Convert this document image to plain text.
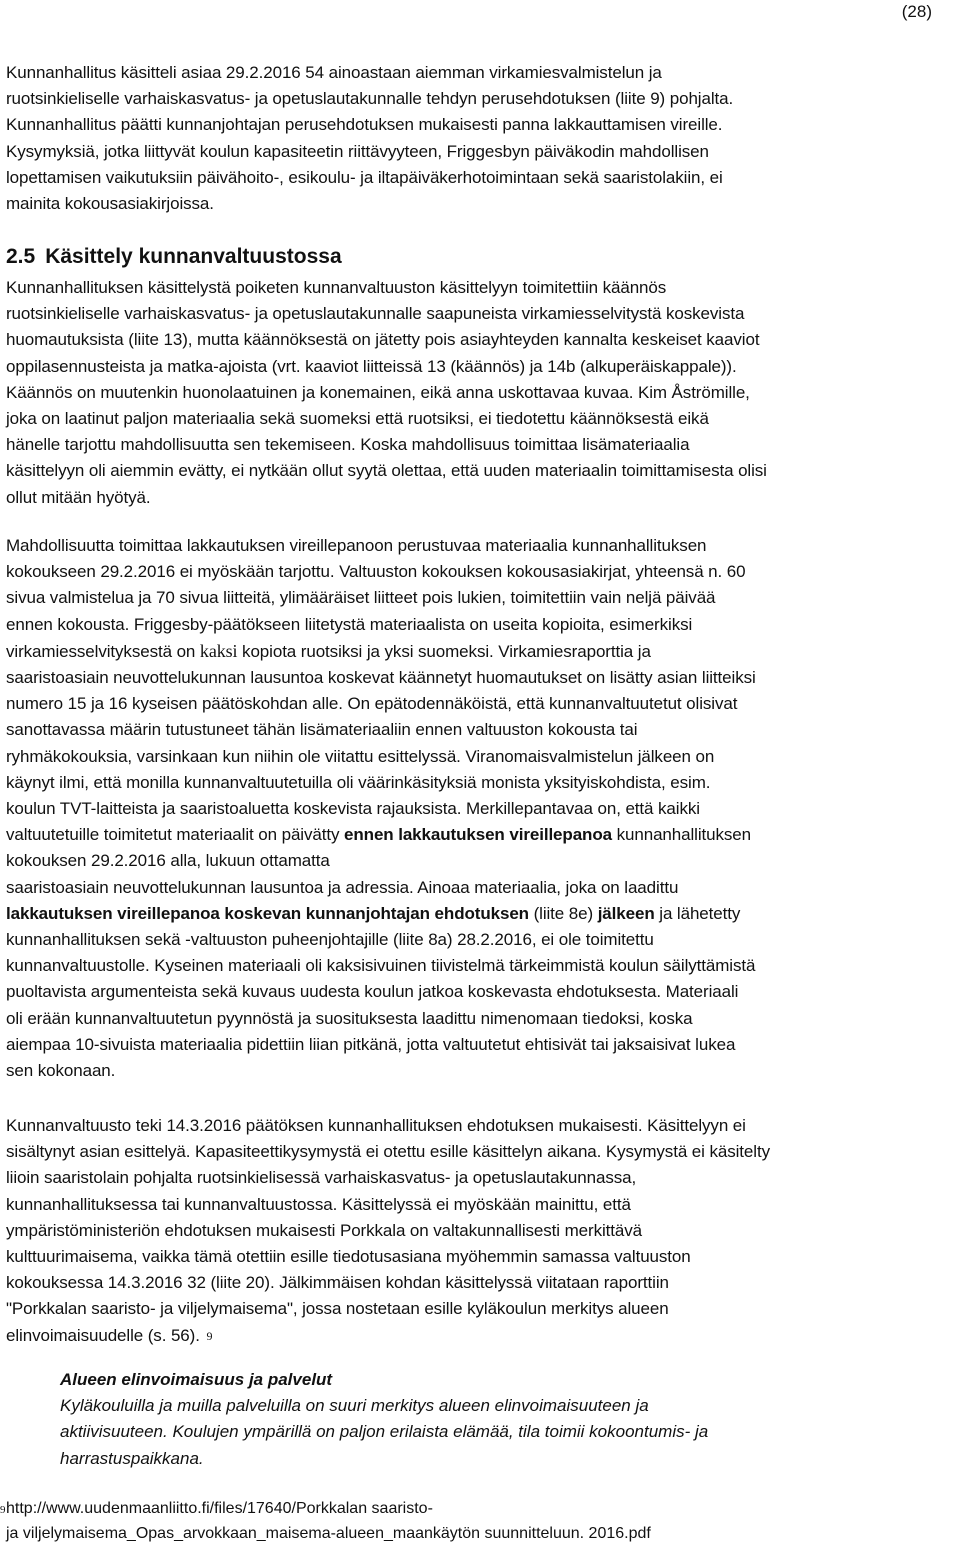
(28)
Kunnanhallitus käsitteli asiaa 29.2.2016 54 ainoastaan aiemman virkamiesvalmistelun ja
ruotsinkieliselle varhaiskasvatus- ja opetuslautakunnalle tehdyn perusehdotuksen (liite 9) pohjalta.
Kunnanhallitus päätti kunnanjohtajan perusehdotuksen mukaisesti panna lakkauttamisen vireille.
Kysymyksiä, jotka liittyvät koulun kapasiteetin riittävyyteen, Friggesbyn päiväkodin mahdollisen
lopettamisen vaikutuksiin päivähoito-, esikoulu- ja iltapäiväkerhotoimintaan sekä saaristolakiin, ei
mainita kokousasiakirjoissa.
2.5 Käsittely kunnanvaltuustossa
Kunnanhallituksen käsittelystä poiketen kunnanvaltuuston käsittelyyn toimitettiin käännös
ruotsinkieliselle varhaiskasvatus- ja opetuslautakunnalle saapuneista virkamiesselvitystä koskevista
huomautuksista (liite 13), mutta käännöksestä on jätetty pois asiayhteyden kannalta keskeiset kaaviot
oppilasennusteista ja matka-ajoista (vrt. kaaviot liitteissä 13 (käännös) ja 14b (alkuperäiskappale)).
Käännös on muutenkin huonolaatuinen ja konemainen, eikä anna uskottavaa kuvaa. Kim Åströmille,
joka on laatinut paljon materiaalia sekä suomeksi että ruotsiksi, ei tiedotettu käännöksestä eikä
hänelle tarjottu mahdollisuutta sen tekemiseen. Koska mahdollisuus toimittaa lisämateriaalia
käsittelyyn oli aiemmin evätty, ei nytkään ollut syytä olettaa, että uuden materiaalin toimittamisesta olisi
ollut mitään hyötyä.
Mahdollisuutta toimittaa lakkautuksen vireillepanoon perustuvaa materiaalia kunnanhallituksen
kokoukseen 29.2.2016 ei myöskään tarjottu. Valtuuston kokouksen kokousasiakirjat, yhteensä n. 60
sivua valmistelua ja 70 sivua liitteitä, ylimääräiset liitteet pois lukien, toimitettiin vain neljä päivää
ennen kokousta. Friggesby-päätökseen liitetystä materiaalista on useita kopioita, esimerkiksi
virkamiesselvityksestä on kaksi kopiota ruotsiksi ja yksi suomeksi. Virkamiesraporttia ja
saaristoasiain neuvottelukunnan lausuntoa koskevat käännetyt huomautukset on lisätty asian liitteiksi
numero 15 ja 16 kyseisen päätöskohdan alle. On epätodennäköistä, että kunnanvaltuutetut olisivat
sanottavassa määrin tutustuneet tähän lisämateriaaliin ennen valtuuston kokousta tai
ryhmäkokouksia, varsinkaan kun niihin ole viitattu esittelyssä. Viranomaisvalmistelun jälkeen on
käynyt ilmi, että monilla kunnanvaltuutetuilla oli väärinkäsityksiä monista yksityiskohdista, esim.
koulun TVT-laitteista ja saaristoaluetta koskevista rajauksista. Merkillepantavaa on, että kaikki
valtuutetuille toimitetut materiaalit on päivätty ennen lakkautuksen vireillepanoa kunnanhallituksen
kokouksen 29.2.2016 alla, lukuun ottamatta
saaristoasiain neuvottelukunnan lausuntoa ja adressia. Ainoaa materiaalia, joka on laadittu
lakkautuksen vireillepanoa koskevan kunnanjohtajan ehdotuksen (liite 8e) jälkeen ja lähetetty
kunnanhallituksen sekä -valtuuston puheenjohtajille (liite 8a) 28.2.2016, ei ole toimitettu
kunnanvaltuustolle. Kyseinen materiaali oli kaksisivuinen tiivistelmä tärkeimmistä koulun säilyttämistä
puoltavista argumenteista sekä kuvaus uudesta koulun jatkoa koskevasta ehdotuksesta. Materiaali
oli erään kunnanvaltuutetun pyynnöstä ja suosituksesta laadittu nimenomaan tiedoksi, koska
aiempaa 10-sivuista materiaalia pidettiin liian pitkänä, jotta valtuutetut ehtisivät tai jaksaisivat lukea
sen kokonaan.
Kunnanvaltuusto teki 14.3.2016 päätöksen kunnanhallituksen ehdotuksen mukaisesti. Käsittelyyn ei
sisältynyt asian esittelyä. Kapasiteettikysymystä ei otettu esille käsittelyn aikana. Kysymystä ei käsitelty
liioin saaristolain pohjalta ruotsinkielisessä varhaiskasvatus- ja opetuslautakunnassa,
kunnanhallituksessa tai kunnanvaltuustossa. Käsittelyssä ei myöskään mainittu, että
ympäristöministeriön ehdotuksen mukaisesti Porkkala on valtakunnallisesti merkittävä
kulttuurimaisema, vaikka tämä otettiin esille tiedotusasiana myöhemmin samassa valtuuston
kokouksessa 14.3.2016 32 (liite 20). Jälkimmäisen kohdan käsittelyssä viitataan raporttiin
"Porkkalan saaristo- ja viljelymaisema", jossa nostetaan esille kyläkoulun merkitys alueen
elinvoimaisuudelle (s. 56). 9
Alueen elinvoimaisuus ja palvelut
Kyläkouluilla ja muilla palveluilla on suuri merkitys alueen elinvoimaisuuteen ja
aktiivisuuteen. Koulujen ympärillä on paljon erilaista elämää, tila toimii kokoontumis- ja
harrastuspaikkana.
9http://www.uudenmaanliitto.fi/files/17640/Porkkalan saaristo-
ja viljelymaisema_Opas_arvokkaan_maisema-alueen_maankäytön suunnitteluun. 2016.pdf
